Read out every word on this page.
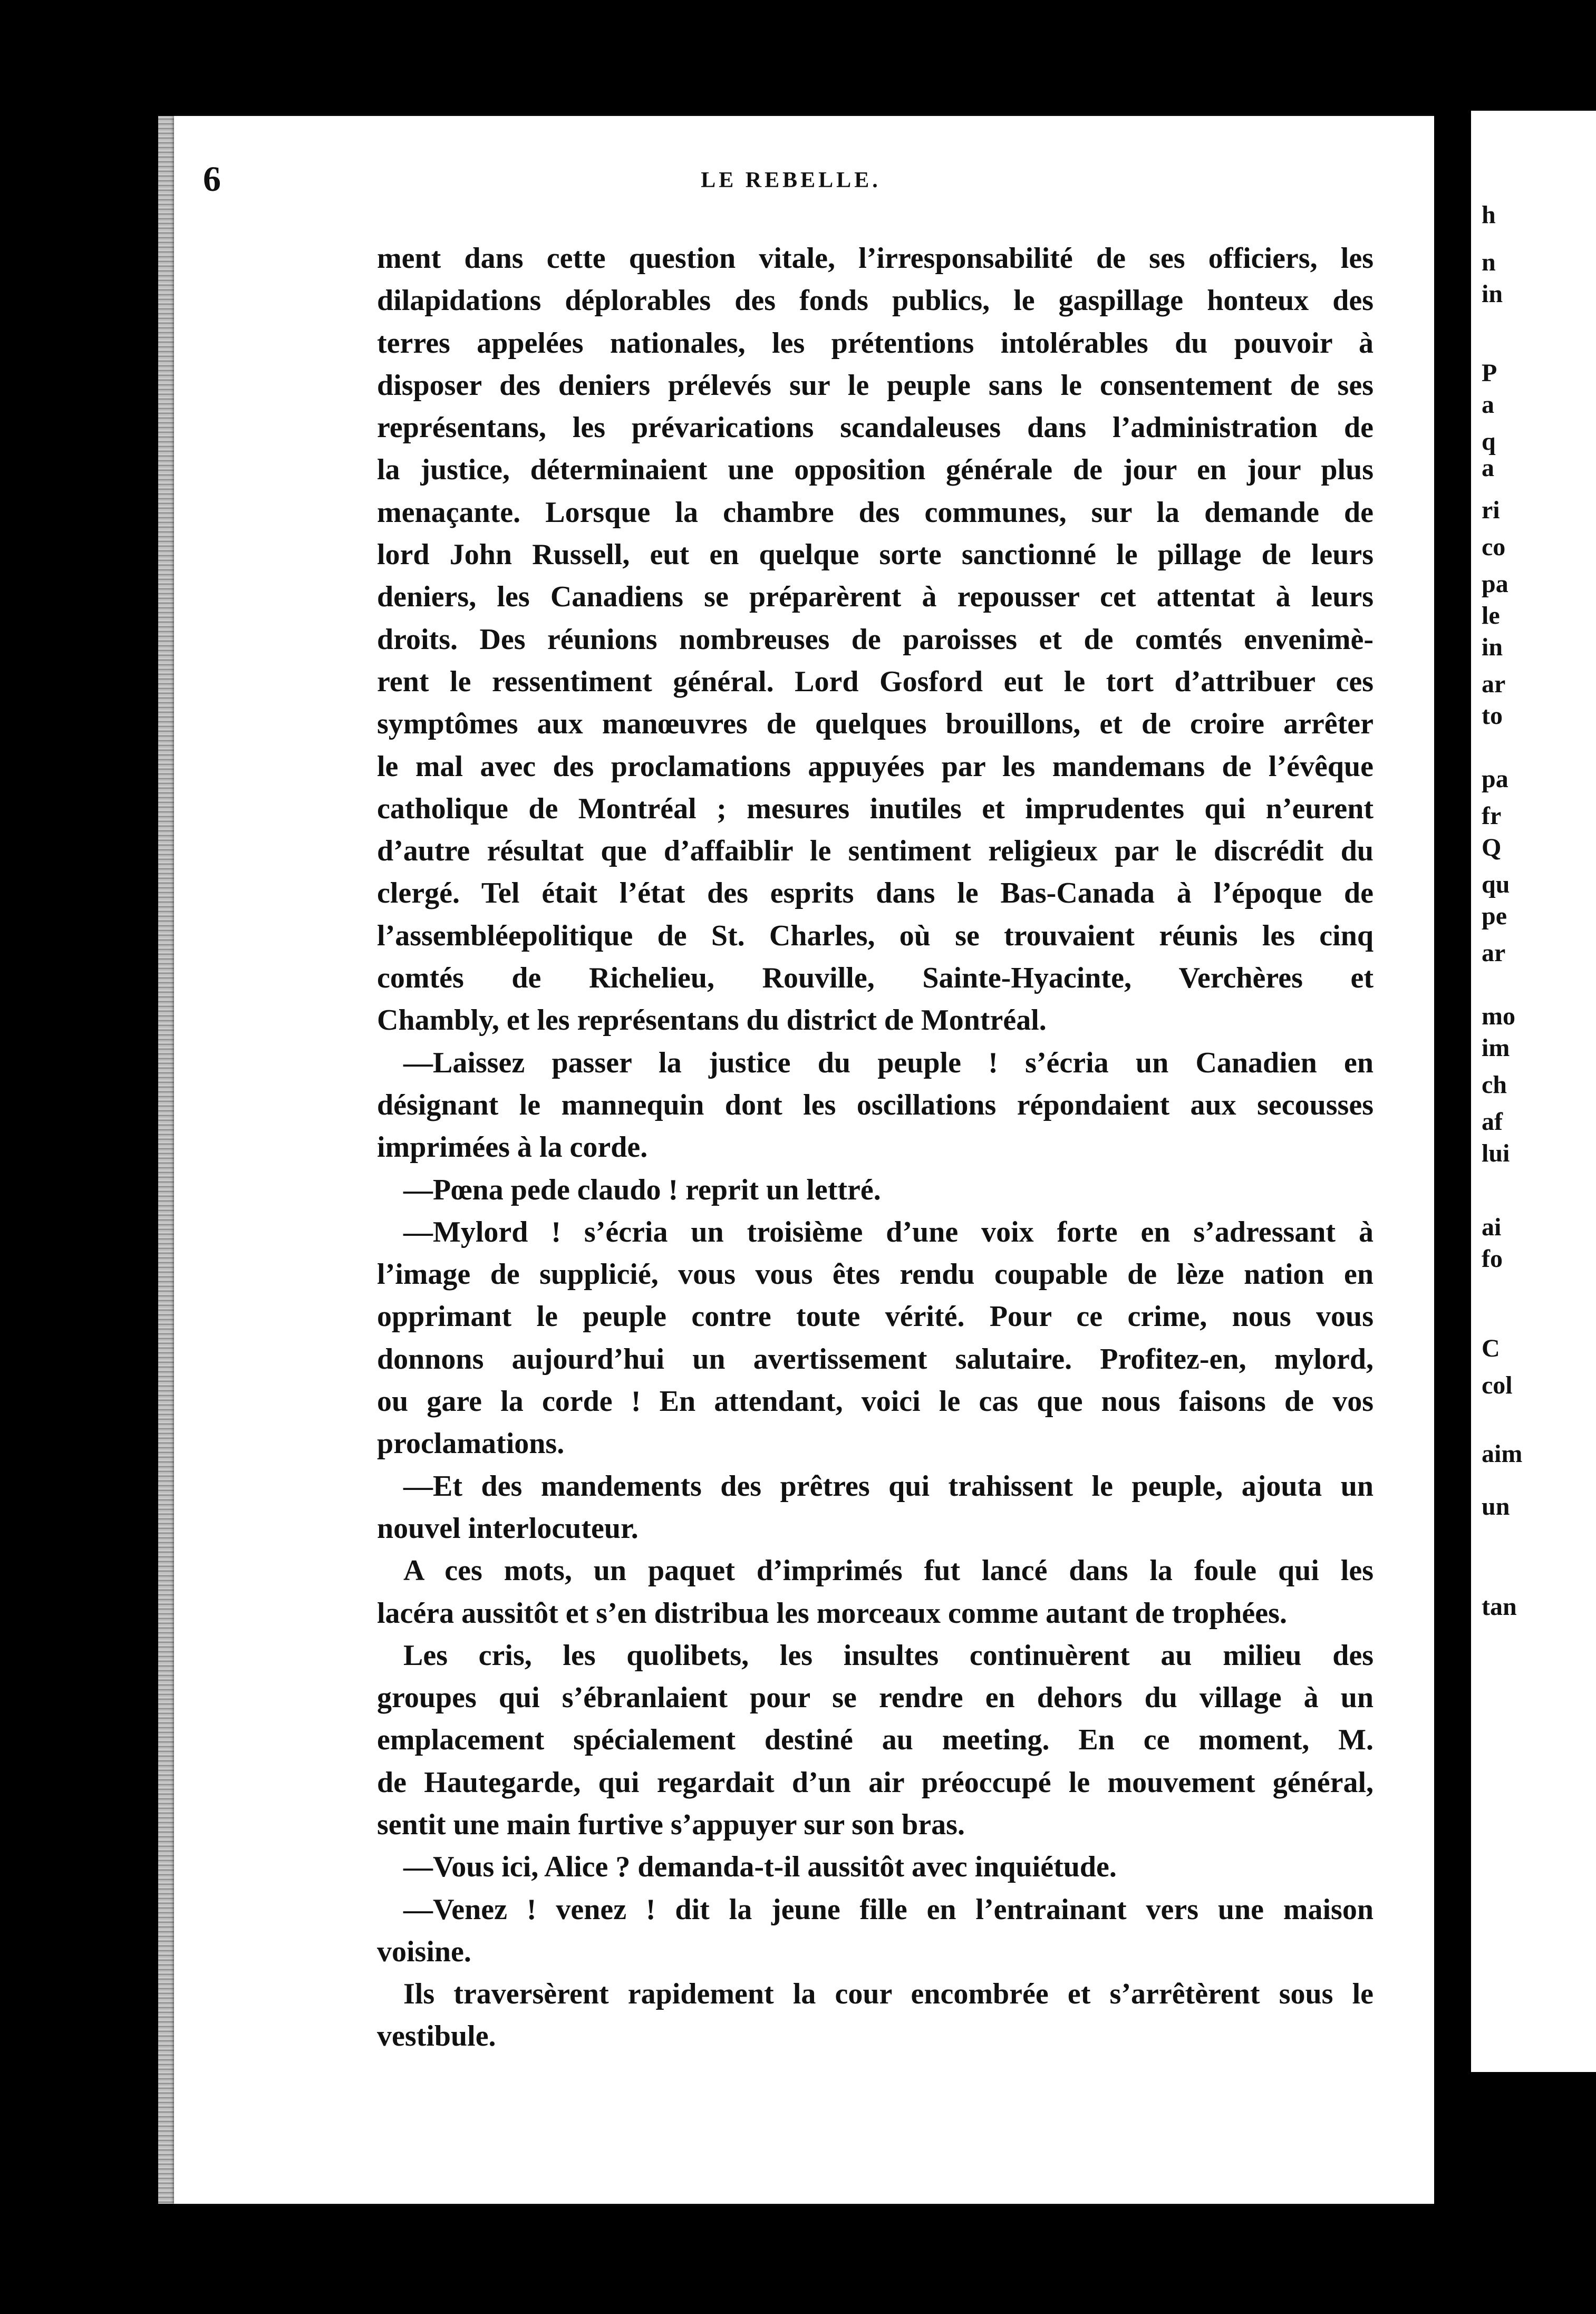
h
n
in
P
a
q
a
ri
co
pa
le
in
ar
to
pa
fr
Q
qu
pe
ar
mo
im
ch
af
lui
ai
fo
C
col
aim
un
tan
6	LE REBELLE.
ment dans cette question vitale, l’irresponsabilité de ses officiers, les
dilapidations déplorables des fonds publics, le gaspillage honteux des
terres appelées nationales, les prétentions intolérables du pouvoir à
disposer des deniers prélevés sur le peuple sans le consentement de ses
représentans, les prévarications scandaleuses dans l’administration de
la justice, déterminaient une opposition générale de jour en jour plus
menaçante. Lorsque la chambre des communes, sur la demande de
lord John Russell, eut en quelque sorte sanctionné le pillage de leurs
deniers, les Canadiens se préparèrent à repousser cet attentat à leurs
droits. Des réunions nombreuses de paroisses et de comtés envenimè-
rent le ressentiment général. Lord Gosford eut le tort d’attribuer ces
symptômes aux manœuvres de quelques brouillons, et de croire arrêter
le mal avec des proclamations appuyées par les mandemans de l’évêque
catholique de Montréal ; mesures inutiles et imprudentes qui n’eurent
d’autre résultat que d’affaiblir le sentiment religieux par le discrédit du
clergé. Tel était l’état des esprits dans le Bas-Canada à l’époque de
l’assembléepolitique de St. Charles, où se trouvaient réunis les cinq
comtés de Richelieu, Rouville, Sainte-Hyacinte, Verchères et
Chambly, et les représentans du district de Montréal.
—Laissez passer la justice du peuple ! s’écria un Canadien en
désignant le mannequin dont les oscillations répondaient aux secousses
imprimées à la corde.
—Pœna pede claudo ! reprit un lettré.
—Mylord ! s’écria un troisième d’une voix forte en s’adressant à
l’image de supplicié, vous vous êtes rendu coupable de lèze nation en
opprimant le peuple contre toute vérité. Pour ce crime, nous vous
donnons aujourd’hui un avertissement salutaire. Profitez-en, mylord,
ou gare la corde ! En attendant, voici le cas que nous faisons de vos
proclamations.
—Et des mandements des prêtres qui trahissent le peuple, ajouta un
nouvel interlocuteur.
A ces mots, un paquet d’imprimés fut lancé dans la foule qui les
lacéra aussitôt et s’en distribua les morceaux comme autant de trophées.
Les cris, les quolibets, les insultes continuèrent au milieu des
groupes qui s’ébranlaient pour se rendre en dehors du village à un
emplacement spécialement destiné au meeting. En ce moment, M.
de Hautegarde, qui regardait d’un air préoccupé le mouvement général,
sentit une main furtive s’appuyer sur son bras.
—Vous ici, Alice ? demanda-t-il aussitôt avec inquiétude.
—Venez ! venez ! dit la jeune fille en l’entrainant vers une maison
voisine.
Ils traversèrent rapidement la cour encombrée et s’arrêtèrent sous le
vestibule.
